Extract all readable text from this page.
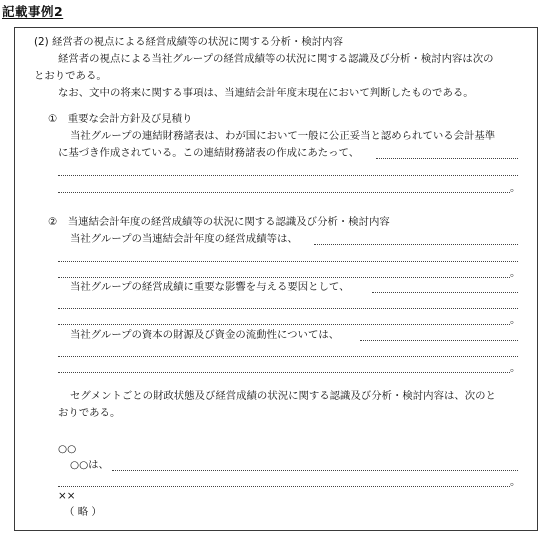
記載事例2
(2) 経営者の視点による経営成績等の状況に関する分析・検討内容
経営者の視点による当社グループの経営成績等の状況に関する認識及び分析・検討内容は次の
とおりである。
なお、文中の将来に関する事項は、当連結会計年度末現在において判断したものである。
①　重要な会計方針及び見積り
当社グループの連結財務諸表は、わが国において一般に公正妥当と認められている会計基準
に基づき作成されている。この連結財務諸表の作成にあたって、
。
②　当連結会計年度の経営成績等の状況に関する認識及び分析・検討内容
当社グループの当連結会計年度の経営成績等は、
。
当社グループの経営成績に重要な影響を与える要因として、
。
当社グループの資本の財源及び資金の流動性については、
。
セグメントごとの財政状態及び経営成績の状況に関する認識及び分析・検討内容は、次のと
おりである。
○○
○○は、
。
××
（ 略 ）
